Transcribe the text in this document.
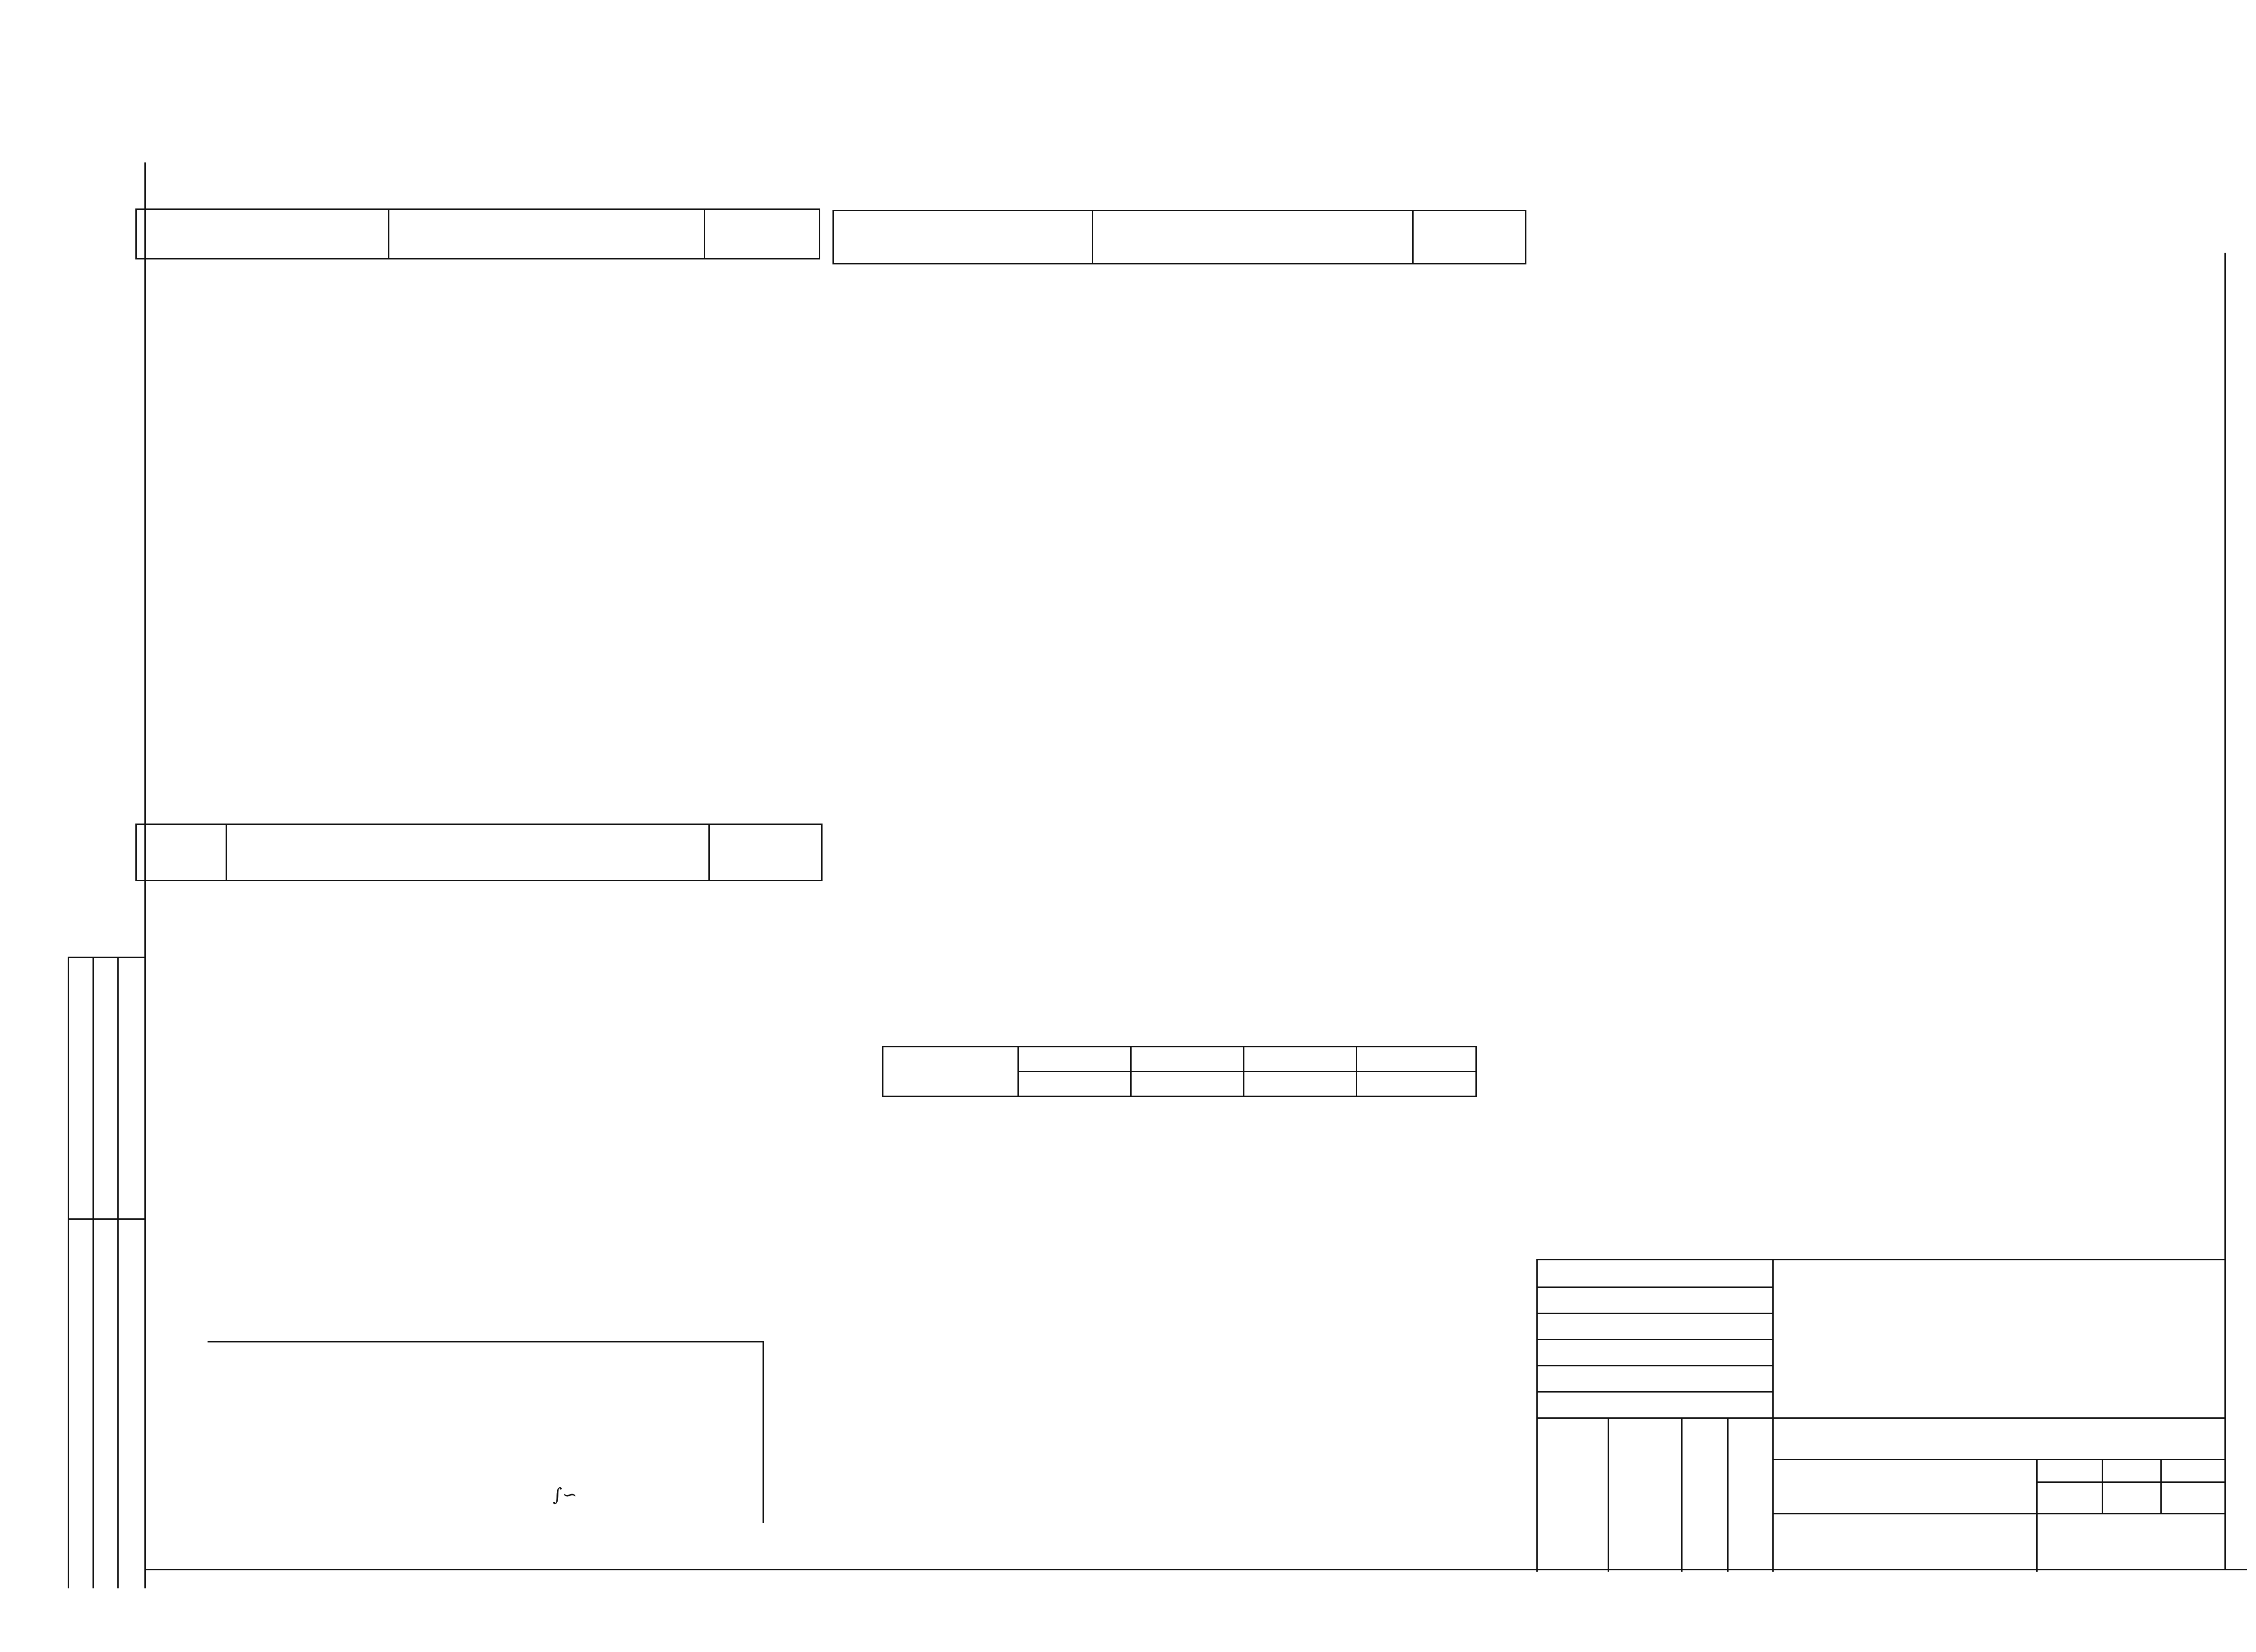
∫∽
